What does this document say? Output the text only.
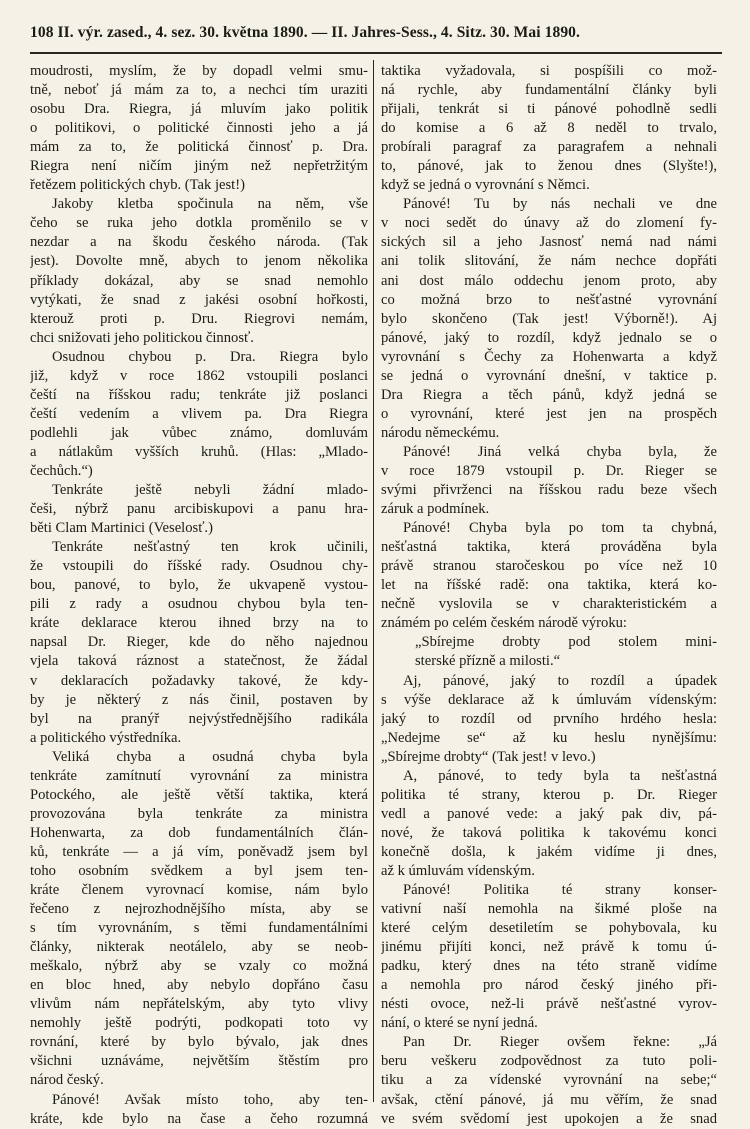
108 II. výr. zased., 4. sez. 30. května 1890. — II. Jahres-Sess., 4. Sitz. 30. Mai 1890.
moudrosti, myslím, že by dopadl velmi smu-
tně, neboť já mám za to, a nechci tím uraziti
osobu Dra. Riegra, já mluvím jako politik
o politikovi, o politické činnosti jeho a já
mám za to, že politická činnosť p. Dra.
Riegra není ničím jiným než nepřetržitým
řetězem politických chyb. (Tak jest!)
Jakoby kletba spočinula na něm, vše
čeho se ruka jeho dotkla proměnilo se v
nezdar a na škodu českého národa. (Tak
jest). Dovolte mně, abych to jenom několika
příklady dokázal, aby se snad nemohlo
vytýkati, že snad z jakési osobní hořkosti,
kterouž proti p. Dru. Riegrovi nemám,
chci snižovati jeho politickou činnosť.
Osudnou chybou p. Dra. Riegra bylo
již, když v roce 1862 vstoupili poslanci
čeští na říšskou radu; tenkráte již poslanci
čeští vedením a vlivem pa. Dra Riegra
podlehli jak vůbec známo, domluvám
a nátlakům vyšších kruhů. (Hlas: „Mlado-
čechůch.“)
Tenkráte ještě nebyli žádní mlado-
češi, nýbrž panu arcibiskupovi a panu hra-
běti Clam Martinici (Veselosť.)
Tenkráte nešťastný ten krok učinili,
že vstoupili do říšské rady. Osudnou chy-
bou, panové, to bylo, že ukvapeně vystou-
pili z rady a osudnou chybou byla ten-
kráte deklarace kterou ihned brzy na to
napsal Dr. Rieger, kde do něho najednou
vjela taková ráznost a statečnost, že žádal
v deklaracích požadavky takové, že kdy-
by je některý z nás činil, postaven by
byl na pranýř nejvýstřednějšího radikála
a politického výstředníka.
Veliká chyba a osudná chyba byla
tenkráte zamítnutí vyrovnání za ministra
Potockého, ale ještě větší taktika, která
provozována byla tenkráte za ministra
Hohenwarta, za dob fundamentálních člán-
ků, tenkráte — a já vím, poněvadž jsem byl
toho osobním svědkem a byl jsem ten-
kráte členem vyrovnací komise, nám bylo
řečeno z nejrozhodnějšího místa, aby se
s tím vyrovnáním, s těmi fundamentálními
články, nikterak neotálelo, aby se neob-
meškalo, nýbrž aby se vzaly co možná
en bloc hned, aby nebylo dopřáno času
vlivům nám nepřátelským, aby tyto vlivy
nemohly ještě podrýti, podkopati toto vy
rovnání, které by bylo bývalo, jak dnes
všichni uznáváme, největším štěstím pro
národ český.
Pánové! Avšak místo toho, aby ten-
kráte, kde bylo na čase a čeho rozumná
taktika vyžadovala, si pospíšili co mož-
ná rychle, aby fundamentální články byli
přijali, tenkrát si ti pánové pohodlně sedli
do komise a 6 až 8 neděl to trvalo,
probírali paragraf za paragrafem a nehnali
to, pánové, jak to ženou dnes (Slyšte!),
když se jedná o vyrovnání s Němci.
Pánové! Tu by nás nechali ve dne
v noci sedět do únavy až do zlomení fy-
sických sil a jeho Jasnosť nemá nad námi
ani tolik slitování, že nám nechce dopřáti
ani dost málo oddechu jenom proto, aby
co možná brzo to nešťastné vyrovnání
bylo skončeno (Tak jest! Výborně!). Aj
pánové, jaký to rozdíl, když jednalo se o
vyrovnání s Čechy za Hohenwarta a když
se jedná o vyrovnání dnešní, v taktice p.
Dra Riegra a těch pánů, když jedná se
o vyrovnání, které jest jen na prospěch
národu německému.
Pánové! Jiná velká chyba byla, že
v roce 1879 vstoupil p. Dr. Rieger se
svými přivrženci na říšskou radu beze všech
záruk a podmínek.
Pánové! Chyba byla po tom ta chybná,
nešťastná taktika, která prováděna byla
právě stranou staročeskou po více než 10
let na říšské radě: ona taktika, která ko-
nečně vyslovila se v charakteristickém a
známém po celém českém národě výroku:
„Sbírejme drobty pod stolem mini-
sterské přízně a milosti.“
Aj, pánové, jaký to rozdíl a úpadek
s výše deklarace až k úmluvám vídenským:
jaký to rozdíl od prvního hrdého hesla:
„Nedejme se“ až ku heslu nynějšímu:
„Sbírejme drobty“ (Tak jest! v levo.)
A, pánové, to tedy byla ta nešťastná
politika té strany, kterou p. Dr. Rieger
vedl a panové vede: a jaký pak div, pá-
nové, že taková politika k takovému konci
konečně došla, k jakém vidíme ji dnes,
až k úmluvám vídenským.
Pánové! Politika té strany konser-
vativní naší nemohla na šikmé ploše na
které celým desetiletím se pohybovala, ku
jinému přijíti konci, než právě k tomu ú-
padku, který dnes na této straně vidíme
a nemohla pro národ český jiného při-
nésti ovoce, než-li právě nešťastné vyrov-
nání, o které se nyní jedná.
Pan Dr. Rieger ovšem řekne: „Já
beru veškeru zodpovědnost za tuto poli-
tiku a za vídenské vyrovnání na sebe;“
avšak, ctění pánové, já mu věřím, že snad
ve svém svědomí jest upokojen a že snad
